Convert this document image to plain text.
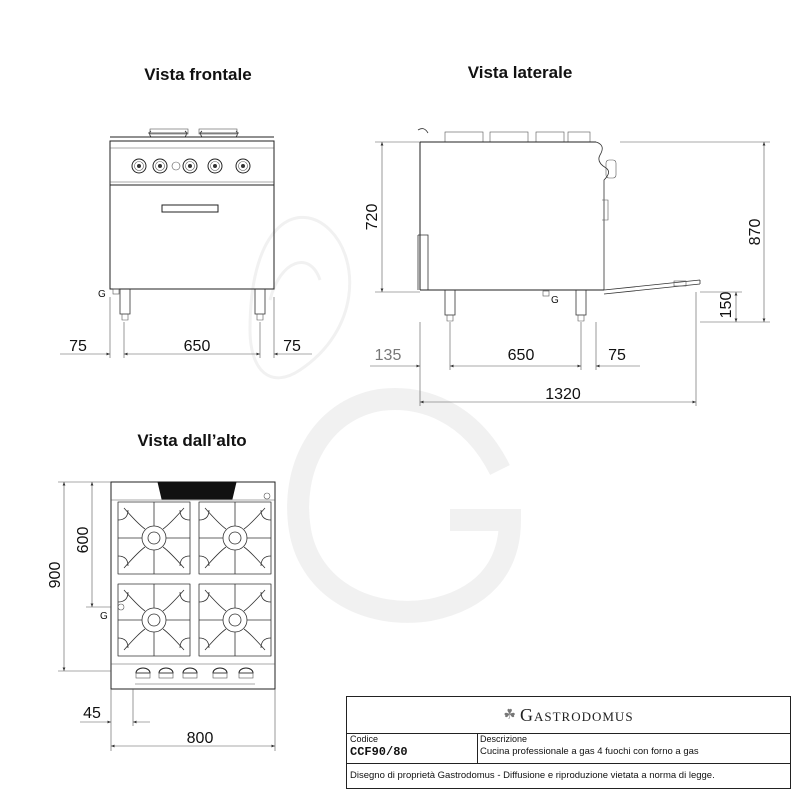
Vista frontale	Vista laterale
Vista dall’alto
G
75	650	75
G
720
870
150
135	650	75
1320
G
900
600
45
800
☘ Gastrodomus
Codice
CCF90/80
Descrizione
Cucina professionale a gas 4 fuochi con forno a gas
Disegno di proprietà Gastrodomus - Diffusione e riproduzione vietata a norma di legge.
